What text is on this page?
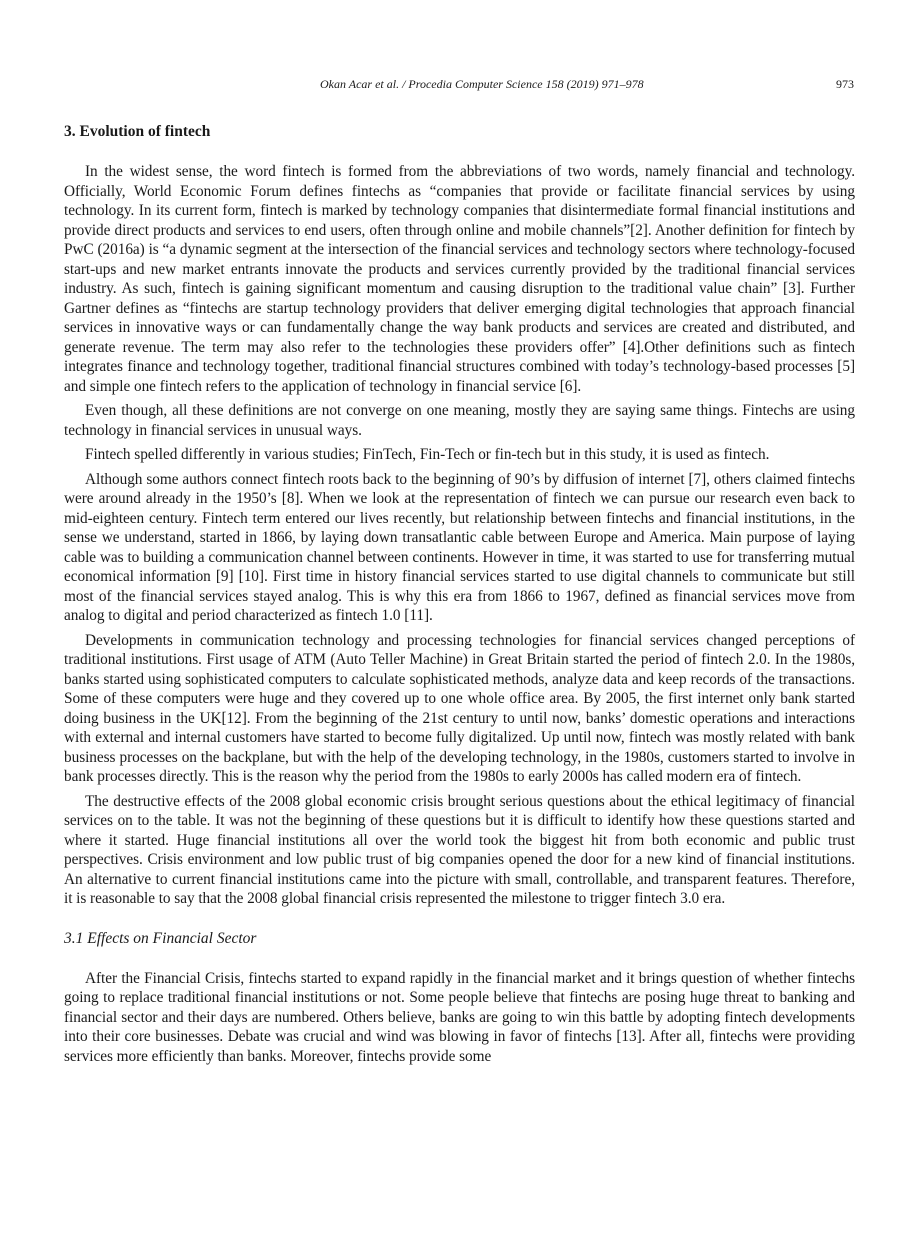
Okan Acar et al. / Procedia Computer Science 158 (2019) 971–978	973
3. Evolution of fintech

In the widest sense, the word fintech is formed from the abbreviations of two words, namely financial and technology. Officially, World Economic Forum defines fintechs as “companies that provide or facilitate financial services by using technology. In its current form, fintech is marked by technology companies that disintermediate formal financial institutions and provide direct products and services to end users, often through online and mobile channels”[2]. Another definition for fintech by PwC (2016a) is “a dynamic segment at the intersection of the financial services and technology sectors where technology-focused start-ups and new market entrants innovate the products and services currently provided by the traditional financial services industry. As such, fintech is gaining significant momentum and causing disruption to the traditional value chain” [3]. Further Gartner defines as “fintechs are startup technology providers that deliver emerging digital technologies that approach financial services in innovative ways or can fundamentally change the way bank products and services are created and distributed, and generate revenue. The term may also refer to the technologies these providers offer” [4].Other definitions such as fintech integrates finance and technology together, traditional financial structures combined with today’s technology-based processes [5] and simple one fintech refers to the application of technology in financial service [6].

Even though, all these definitions are not converge on one meaning, mostly they are saying same things. Fintechs are using technology in financial services in unusual ways.

Fintech spelled differently in various studies; FinTech, Fin-Tech or fin-tech but in this study, it is used as fintech.

Although some authors connect fintech roots back to the beginning of 90’s by diffusion of internet [7], others claimed fintechs were around already in the 1950’s [8]. When we look at the representation of fintech we can pursue our research even back to mid-eighteen century. Fintech term entered our lives recently, but relationship between fintechs and financial institutions, in the sense we understand, started in 1866, by laying down transatlantic cable between Europe and America. Main purpose of laying cable was to building a communication channel between continents. However in time, it was started to use for transferring mutual economical information [9] [10]. First time in history financial services started to use digital channels to communicate but still most of the financial services stayed analog. This is why this era from 1866 to 1967, defined as financial services move from analog to digital and period characterized as fintech 1.0 [11].

Developments in communication technology and processing technologies for financial services changed perceptions of traditional institutions. First usage of ATM (Auto Teller Machine) in Great Britain started the period of fintech 2.0. In the 1980s, banks started using sophisticated computers to calculate sophisticated methods, analyze data and keep records of the transactions. Some of these computers were huge and they covered up to one whole office area. By 2005, the first internet only bank started doing business in the UK[12]. From the beginning of the 21st century to until now, banks’ domestic operations and interactions with external and internal customers have started to become fully digitalized. Up until now, fintech was mostly related with bank business processes on the backplane, but with the help of the developing technology, in the 1980s, customers started to involve in bank processes directly. This is the reason why the period from the 1980s to early 2000s has called modern era of fintech.

The destructive effects of the 2008 global economic crisis brought serious questions about the ethical legitimacy of financial services on to the table. It was not the beginning of these questions but it is difficult to identify how these questions started and where it started. Huge financial institutions all over the world took the biggest hit from both economic and public trust perspectives. Crisis environment and low public trust of big companies opened the door for a new kind of financial institutions. An alternative to current financial institutions came into the picture with small, controllable, and transparent features. Therefore, it is reasonable to say that the 2008 global financial crisis represented the milestone to trigger fintech 3.0 era.

3.1 Effects on Financial Sector

After the Financial Crisis, fintechs started to expand rapidly in the financial market and it brings question of whether fintechs going to replace traditional financial institutions or not. Some people believe that fintechs are posing huge threat to banking and financial sector and their days are numbered. Others believe, banks are going to win this battle by adopting fintech developments into their core businesses. Debate was crucial and wind was blowing in favor of fintechs [13]. After all, fintechs were providing services more efficiently than banks. Moreover, fintechs provide some
